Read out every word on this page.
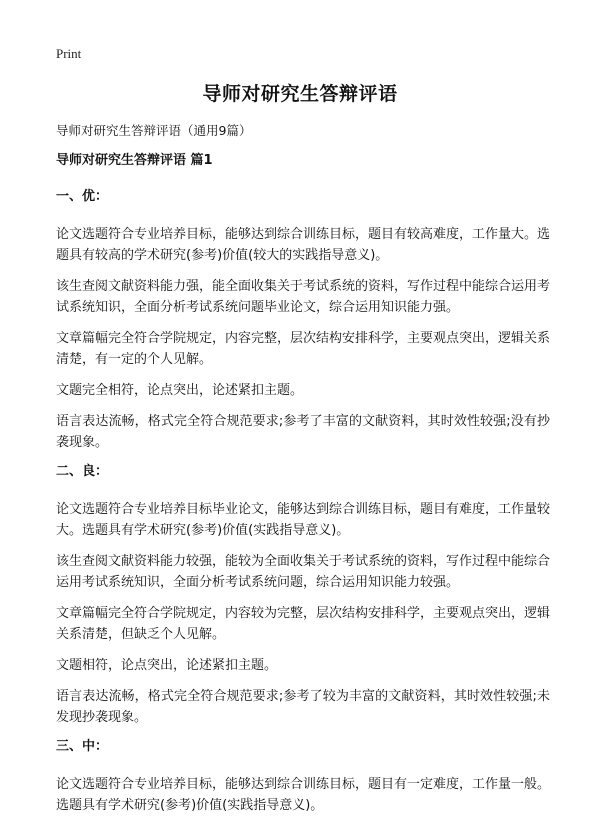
Print
导师对研究生答辩评语

导师对研究生答辩评语（通用9篇）

导师对研究生答辩评语 篇1

一、优：

论文选题符合专业培养目标，能够达到综合训练目标，题目有较高难度，工作量大。选题具有较高的学术研究(参考)价值(较大的实践指导意义)。

该生查阅文献资料能力强，能全面收集关于考试系统的资料，写作过程中能综合运用考试系统知识，全面分析考试系统问题毕业论文，综合运用知识能力强。

文章篇幅完全符合学院规定，内容完整，层次结构安排科学，主要观点突出，逻辑关系清楚，有一定的个人见解。

文题完全相符，论点突出，论述紧扣主题。

语言表达流畅，格式完全符合规范要求;参考了丰富的文献资料，其时效性较强;没有抄袭现象。

二、良：

论文选题符合专业培养目标毕业论文，能够达到综合训练目标，题目有难度，工作量较大。选题具有学术研究(参考)价值(实践指导意义)。

该生查阅文献资料能力较强，能较为全面收集关于考试系统的资料，写作过程中能综合运用考试系统知识，全面分析考试系统问题，综合运用知识能力较强。

文章篇幅完全符合学院规定，内容较为完整，层次结构安排科学，主要观点突出，逻辑关系清楚，但缺乏个人见解。

文题相符，论点突出，论述紧扣主题。

语言表达流畅，格式完全符合规范要求;参考了较为丰富的文献资料，其时效性较强;未发现抄袭现象。

三、中：

论文选题符合专业培养目标，能够达到综合训练目标，题目有一定难度，工作量一般。选题具有学术研究(参考)价值(实践指导意义)。
